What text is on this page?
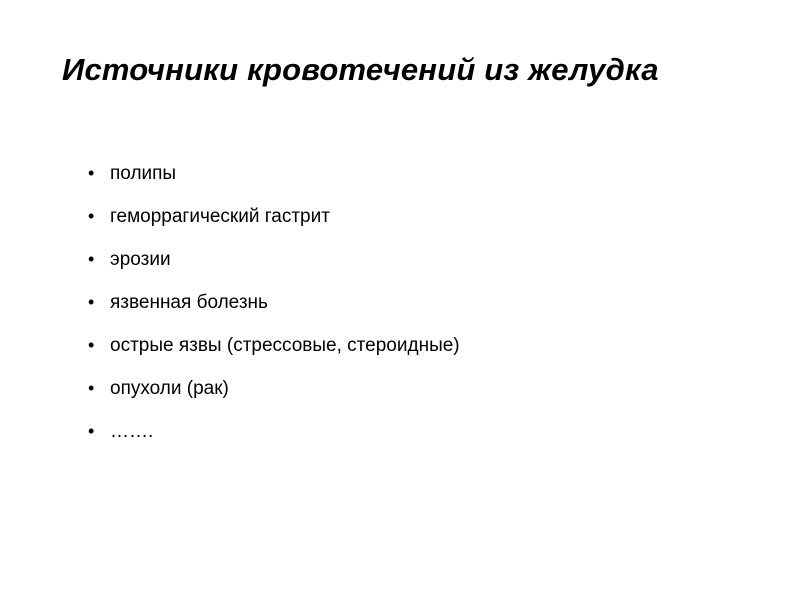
Источники кровотечений из желудка
• полипы
• геморрагический гастрит
• эрозии
• язвенная болезнь
• острые язвы (стрессовые, стероидные)
• опухоли (рак)
• …….
